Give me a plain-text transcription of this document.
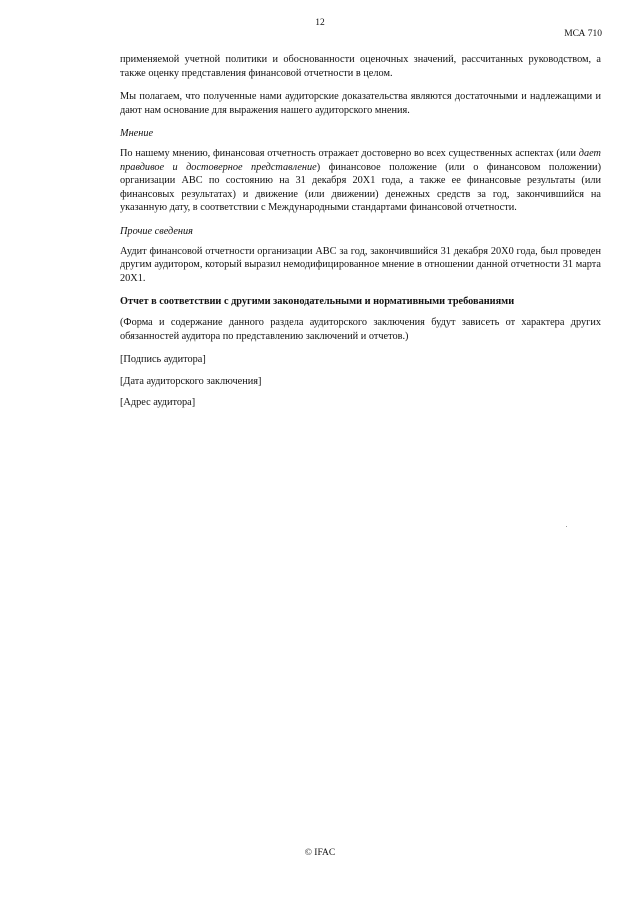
12
МСА 710

применяемой учетной политики и обоснованности оценочных значений, рассчитанных руководством, а также оценку представления финансовой отчетности в целом.

Мы полагаем, что полученные нами аудиторские доказательства являются достаточными и надлежащими и дают нам основание для выражения нашего аудиторского мнения.

Мнение

По нашему мнению, финансовая отчетность отражает достоверно во всех существенных аспектах (или дает правдивое и достоверное представление) финансовое положение (или о финансовом положении) организации ABC по состоянию на 31 декабря 20X1 года, а также ее финансовые результаты (или финансовых результатах) и движение (или движении) денежных средств за год, закончившийся на указанную дату, в соответствии с Международными стандартами финансовой отчетности.

Прочие сведения

Аудит финансовой отчетности организации ABC за год, закончившийся 31 декабря 20X0 года, был проведен другим аудитором, который выразил немодифицированное мнение в отношении данной отчетности 31 марта 20X1.

Отчет в соответствии с другими законодательными и нормативными требованиями

(Форма и содержание данного раздела аудиторского заключения будут зависеть от характера других обязанностей аудитора по представлению заключений и отчетов.)

[Подпись аудитора]

[Дата аудиторского заключения]

[Адрес аудитора]

© IFAC
